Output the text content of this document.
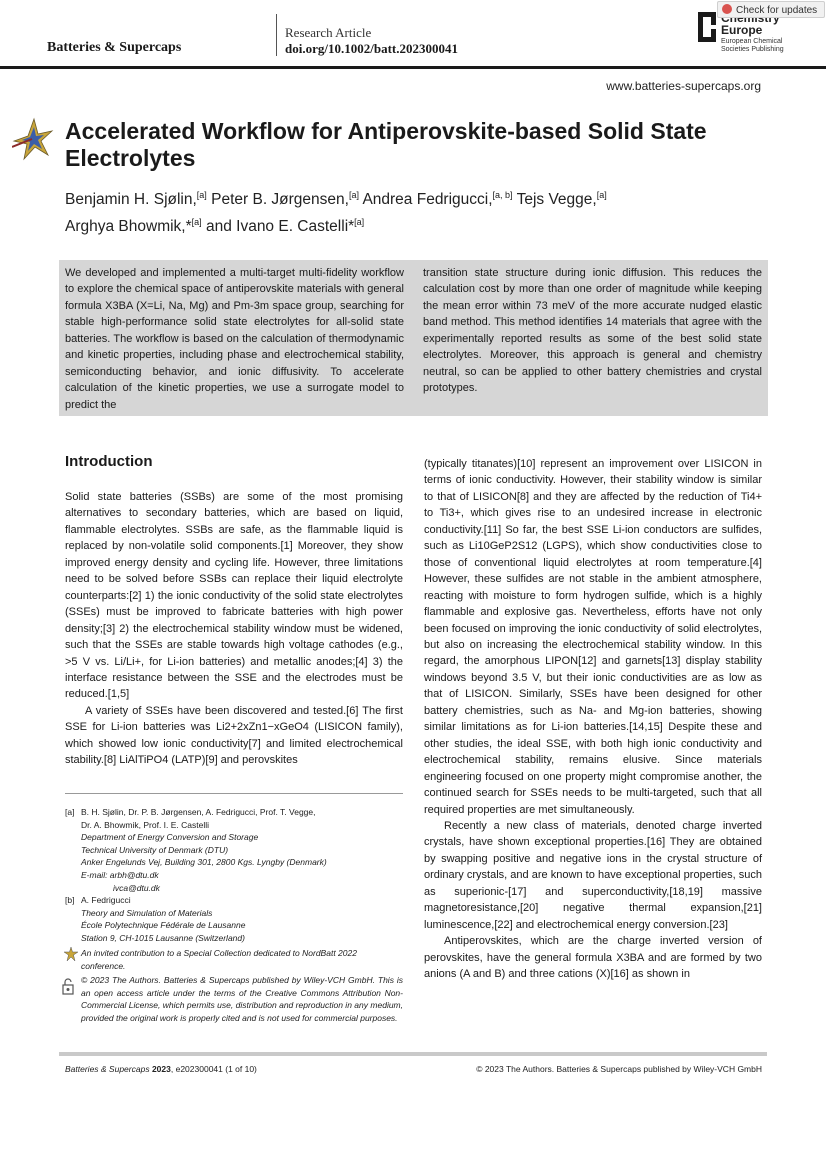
Batteries & Supercaps
Research Article
doi.org/10.1002/batt.202300041
Europe
European Chemical
Societies Publishing
Check for updates
www.batteries-supercaps.org
Accelerated Workflow for Antiperovskite-based Solid State Electrolytes
Benjamin H. Sjølin,[a] Peter B. Jørgensen,[a] Andrea Fedrigucci,[a, b] Tejs Vegge,[a]
Arghya Bhowmik,*[a] and Ivano E. Castelli*[a]
We developed and implemented a multi-target multi-fidelity workflow to explore the chemical space of antiperovskite materials with general formula X3BA (X=Li, Na, Mg) and Pm-3m space group, searching for stable high-performance solid state electrolytes for all-solid state batteries. The workflow is based on the calculation of thermodynamic and kinetic properties, including phase and electrochemical stability, semiconducting behavior, and ionic diffusivity. To accelerate calculation of the kinetic properties, we use a surrogate model to predict the
transition state structure during ionic diffusion. This reduces the calculation cost by more than one order of magnitude while keeping the mean error within 73 meV of the more accurate nudged elastic band method. This method identifies 14 materials that agree with the experimentally reported results as some of the best solid state electrolytes. Moreover, this approach is general and chemistry neutral, so can be applied to other battery chemistries and crystal prototypes.
Introduction

Solid state batteries (SSBs) are some of the most promising alternatives to secondary batteries, which are based on liquid, flammable electrolytes. SSBs are safe, as the flammable liquid is replaced by non-volatile solid components.[1] Moreover, they show improved energy density and cycling life. However, three limitations need to be solved before SSBs can replace their liquid electrolyte counterparts:[2] 1) the ionic conductivity of the solid state electrolytes (SSEs) must be improved to fabricate batteries with high power density;[3] 2) the electrochemical stability window must be widened, such that the SSEs are stable towards high voltage cathodes (e.g., >5 V vs. Li/Li+, for Li-ion batteries) and metallic anodes;[4] 3) the interface resistance between the SSE and the electrodes must be reduced.[1,5]

A variety of SSEs have been discovered and tested.[6] The first SSE for Li-ion batteries was Li2+2xZn1−xGeO4 (LISICON family), which showed low ionic conductivity[7] and limited electrochemical stability.[8] LiAlTiPO4 (LATP)[9] and perovskites

(typically titanates)[10] represent an improvement over LISICON in terms of ionic conductivity. However, their stability window is similar to that of LISICON[8] and they are affected by the reduction of Ti4+ to Ti3+, which gives rise to an undesired increase in electronic conductivity.[11] So far, the best SSE Li-ion conductors are sulfides, such as Li10GeP2S12 (LGPS), which show conductivities close to those of conventional liquid electrolytes at room temperature.[4] However, these sulfides are not stable in the ambient atmosphere, reacting with moisture to form hydrogen sulfide, which is a highly flammable and explosive gas. Nevertheless, efforts have not only been focused on improving the ionic conductivity of solid electrolytes, but also on increasing the electrochemical stability window. In this regard, the amorphous LIPON[12] and garnets[13] display stability windows beyond 3.5 V, but their ionic conductivities are as low as that of LISICON. Similarly, SSEs have been designed for other battery chemistries, such as Na- and Mg-ion batteries, showing similar limitations as for Li-ion batteries.[14,15] Despite these and other studies, the ideal SSE, with both high ionic conductivity and electrochemical stability, remains elusive. Since materials engineering focused on one property might compromise another, the continued search for SSEs needs to be multi-targeted, such that all required properties are met simultaneously.

Recently a new class of materials, denoted charge inverted crystals, have shown exceptional properties.[16] They are obtained by swapping positive and negative ions in the crystal structure of ordinary crystals, and are known to have exceptional properties, such as superionic-[17] and superconductivity,[18,19] massive magnetoresistance,[20] negative thermal expansion,[21] luminescence,[22] and electrochemical energy conversion.[23]

Antiperovskites, which are the charge inverted version of perovskites, have the general formula X3BA and are formed by two anions (A and B) and three cations (X)[16] as shown in

[a] B. H. Sjølin, Dr. P. B. Jørgensen, A. Fedrigucci, Prof. T. Vegge,
Dr. A. Bhowmik, Prof. I. E. Castelli
Department of Energy Conversion and Storage
Technical University of Denmark (DTU)
Anker Engelunds Vej, Building 301, 2800 Kgs. Lyngby (Denmark)
E-mail: arbh@dtu.dk
ivca@dtu.dk
[b] A. Fedrigucci
Theory and Simulation of Materials
École Polytechnique Fédérale de Lausanne
Station 9, CH-1015 Lausanne (Switzerland)
An invited contribution to a Special Collection dedicated to NordBatt 2022 conference.
© 2023 The Authors. Batteries & Supercaps published by Wiley-VCH GmbH. This is an open access article under the terms of the Creative Commons Attribution Non-Commercial License, which permits use, distribution and reproduction in any medium, provided the original work is properly cited and is not used for commercial purposes.
Batteries & Supercaps 2023, e202300041 (1 of 10)	© 2023 The Authors. Batteries & Supercaps published by Wiley-VCH GmbH
